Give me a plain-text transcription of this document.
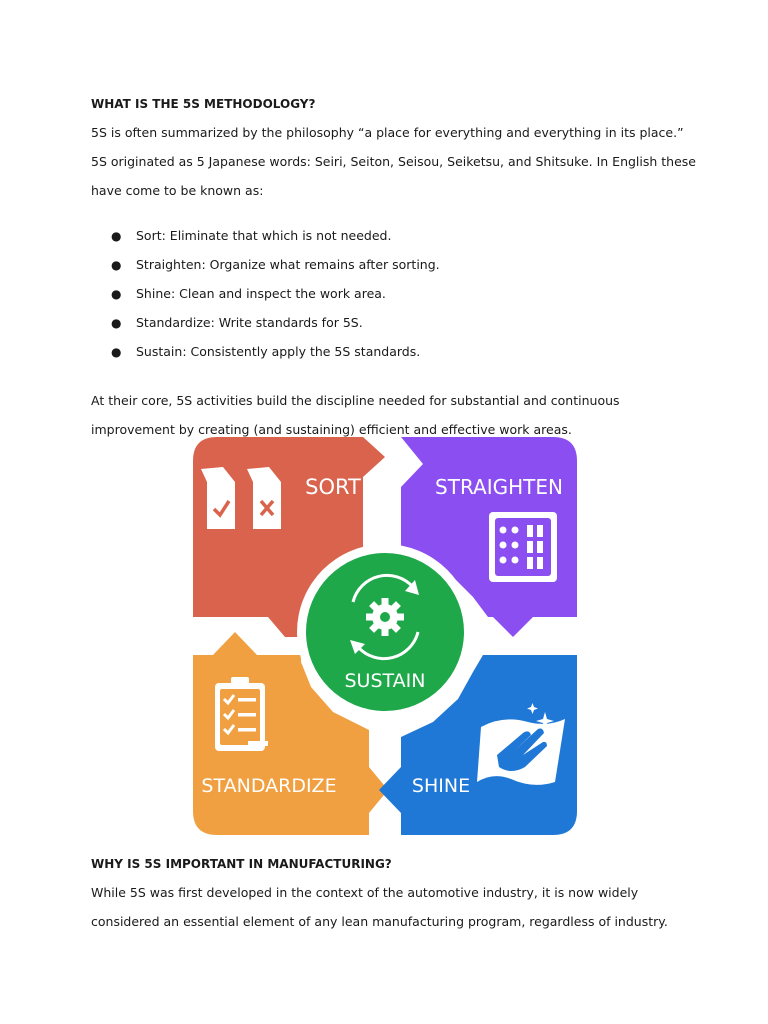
WHAT IS THE 5S METHODOLOGY?
5S is often summarized by the philosophy “a place for everything and everything in its place.”
5S originated as 5 Japanese words: Seiri, Seiton, Seisou, Seiketsu, and Shitsuke. In English these
have come to be known as:
● Sort: Eliminate that which is not needed.
● Straighten: Organize what remains after sorting.
● Shine: Clean and inspect the work area.
● Standardize: Write standards for 5S.
● Sustain: Consistently apply the 5S standards.
At their core, 5S activities build the discipline needed for substantial and continuous
improvement by creating (and sustaining) efficient and effective work areas.
SORT	STRAIGHTEN
SUSTAIN
STANDARDIZE	SHINE
WHY IS 5S IMPORTANT IN MANUFACTURING?
While 5S was first developed in the context of the automotive industry, it is now widely
considered an essential element of any lean manufacturing program, regardless of industry.
